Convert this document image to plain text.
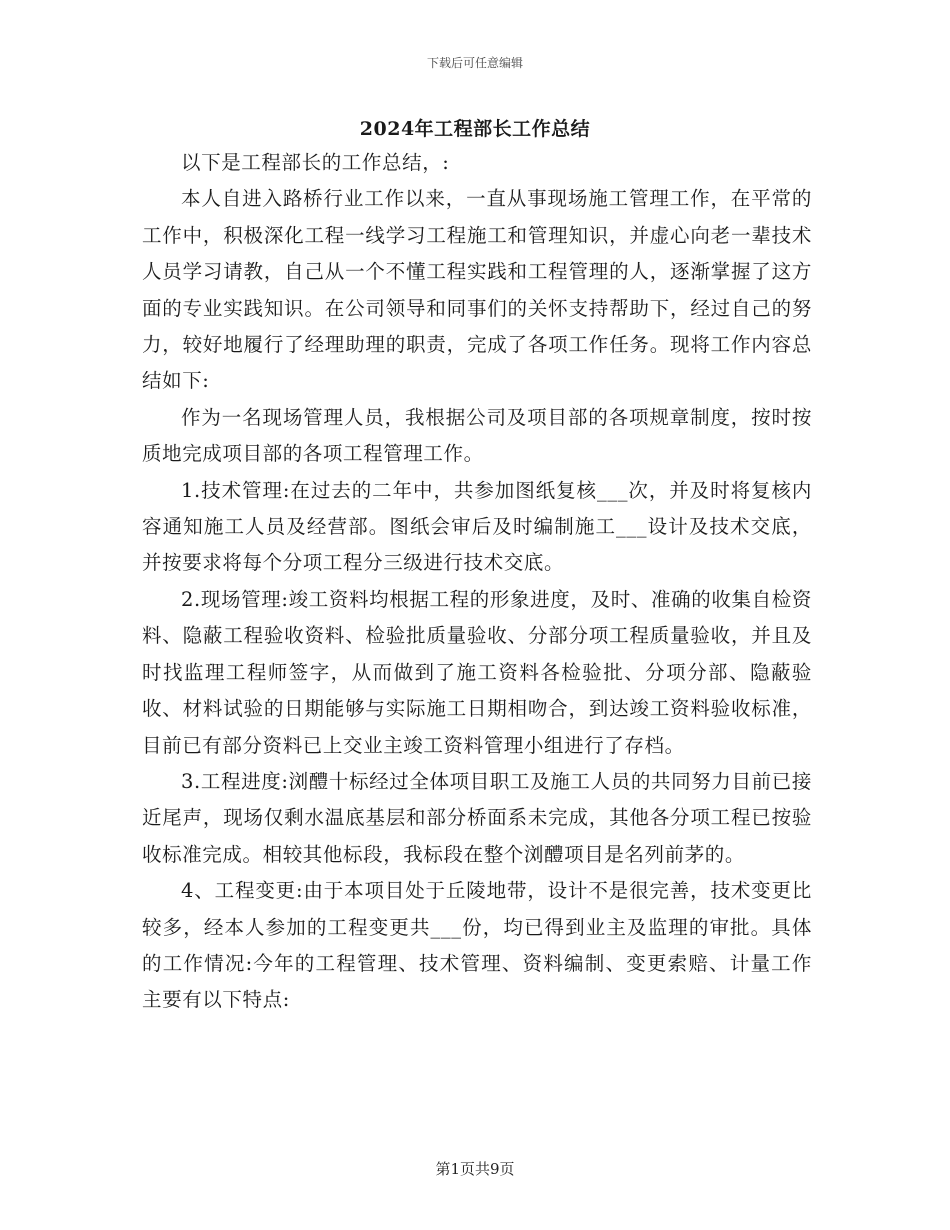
下载后可任意编辑
2024年工程部长工作总结

以下是工程部长的工作总结，:

本人自进入路桥行业工作以来，一直从事现场施工管理工作，在平常的工作中，积极深化工程一线学习工程施工和管理知识，并虚心向老一辈技术人员学习请教，自己从一个不懂工程实践和工程管理的人，逐渐掌握了这方面的专业实践知识。在公司领导和同事们的关怀支持帮助下，经过自己的努力，较好地履行了经理助理的职责，完成了各项工作任务。现将工作内容总结如下:

作为一名现场管理人员，我根据公司及项目部的各项规章制度，按时按质地完成项目部的各项工程管理工作。

1.技术管理:在过去的二年中，共参加图纸复核___次，并及时将复核内容通知施工人员及经营部。图纸会审后及时编制施工___设计及技术交底，并按要求将每个分项工程分三级进行技术交底。

2.现场管理:竣工资料均根据工程的形象进度，及时、准确的收集自检资料、隐蔽工程验收资料、检验批质量验收、分部分项工程质量验收，并且及时找监理工程师签字，从而做到了施工资料各检验批、分项分部、隐蔽验收、材料试验的日期能够与实际施工日期相吻合，到达竣工资料验收标准，目前已有部分资料已上交业主竣工资料管理小组进行了存档。

3.工程进度:浏醴十标经过全体项目职工及施工人员的共同努力目前已接近尾声，现场仅剩水温底基层和部分桥面系未完成，其他各分项工程已按验收标准完成。相较其他标段，我标段在整个浏醴项目是名列前茅的。

4、工程变更:由于本项目处于丘陵地带，设计不是很完善，技术变更比较多，经本人参加的工程变更共___份，均已得到业主及监理的审批。具体的工作情况:今年的工程管理、技术管理、资料编制、变更索赔、计量工作主要有以下特点:

第1页共9页
